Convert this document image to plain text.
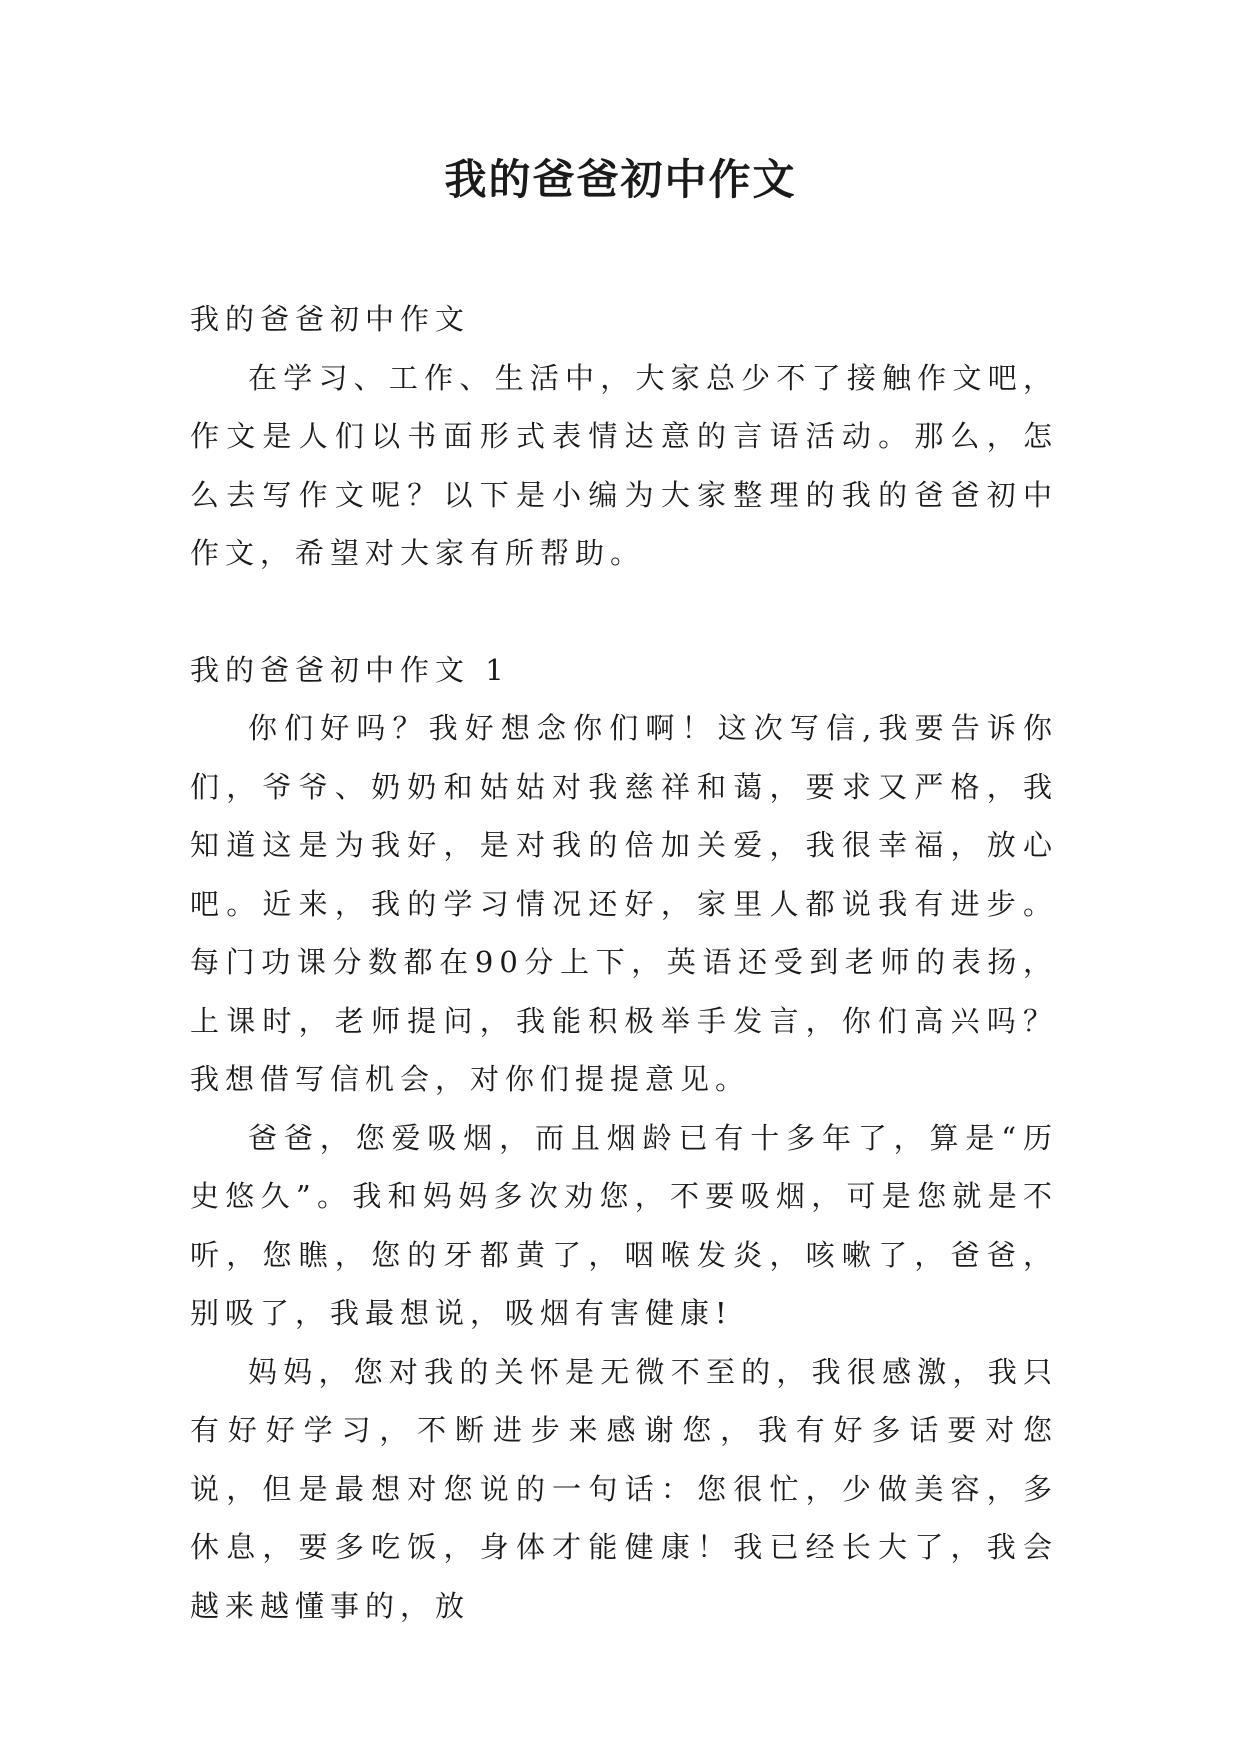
我的爸爸初中作文

我的爸爸初中作文

在学习、工作、生活中，大家总少不了接触作文吧，作文是人们以书面形式表情达意的言语活动。那么，怎么去写作文呢？以下是小编为大家整理的我的爸爸初中作文，希望对大家有所帮助。

我的爸爸初中作文 1

你们好吗？我好想念你们啊！这次写信,我要告诉你们，爷爷、奶奶和姑姑对我慈祥和蔼，要求又严格，我知道这是为我好，是对我的倍加关爱，我很幸福，放心吧。近来，我的学习情况还好，家里人都说我有进步。每门功课分数都在90分上下，英语还受到老师的表扬，上课时，老师提问，我能积极举手发言，你们高兴吗？我想借写信机会，对你们提提意见。

爸爸，您爱吸烟，而且烟龄已有十多年了，算是“历史悠久”。我和妈妈多次劝您，不要吸烟，可是您就是不听，您瞧，您的牙都黄了，咽喉发炎，咳嗽了，爸爸，别吸了，我最想说，吸烟有害健康!

妈妈，您对我的关怀是无微不至的，我很感激，我只有好好学习，不断进步来感谢您，我有好多话要对您说，但是最想对您说的一句话：您很忙，少做美容，多休息，要多吃饭，身体才能健康！我已经长大了，我会越来越懂事的，放
